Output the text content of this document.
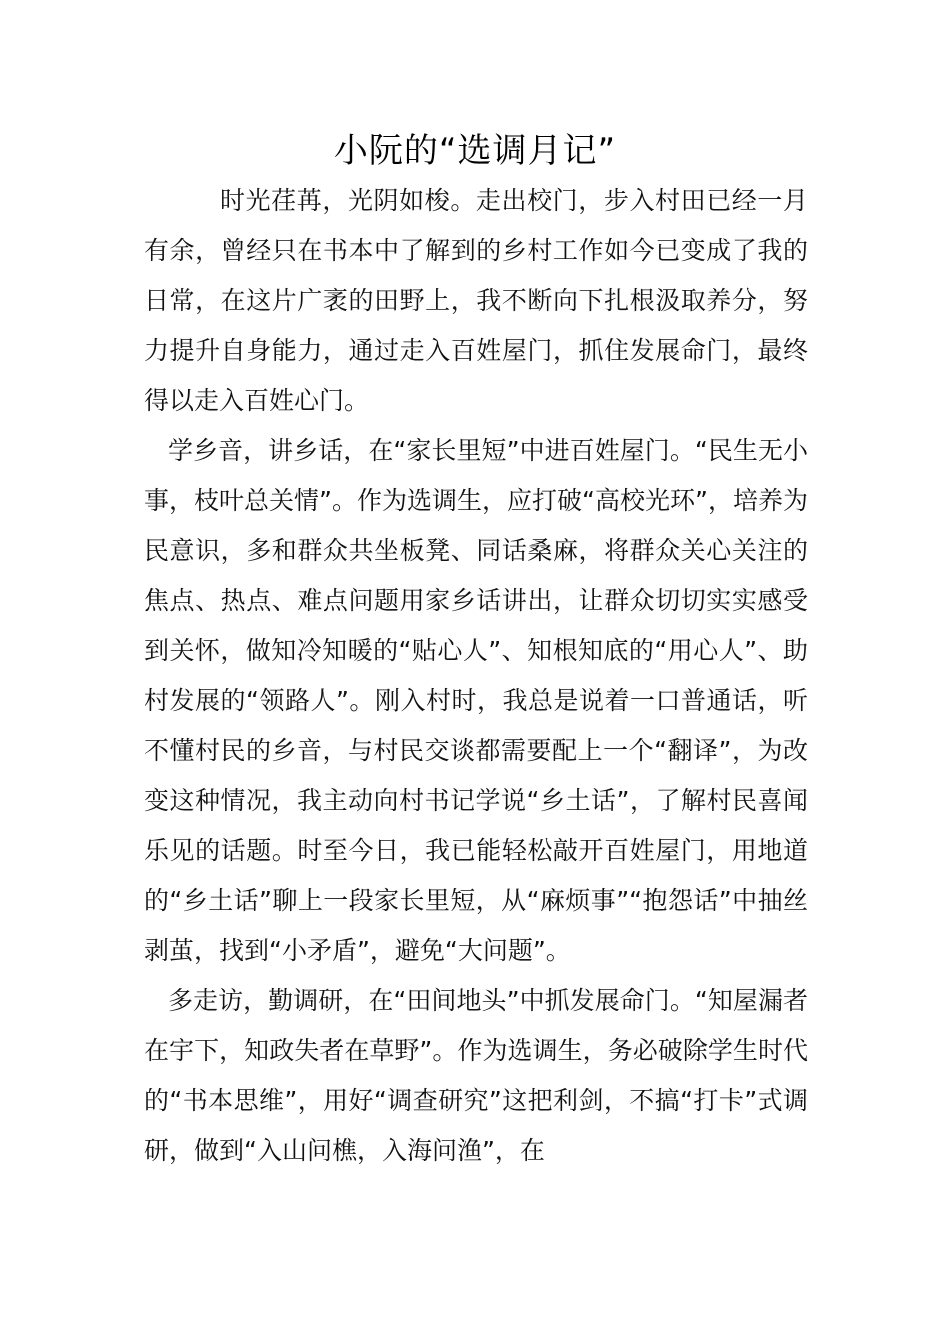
小阮的“选调月记”

时光荏苒，光阴如梭。走出校门，步入村田已经一月有余，曾经只在书本中了解到的乡村工作如今已变成了我的日常，在这片广袤的田野上，我不断向下扎根汲取养分，努力提升自身能力，通过走入百姓屋门，抓住发展命门，最终得以走入百姓心门。

学乡音，讲乡话，在“家长里短”中进百姓屋门。“民生无小事，枝叶总关情”。作为选调生，应打破“高校光环”，培养为民意识，多和群众共坐板凳、同话桑麻，将群众关心关注的焦点、热点、难点问题用家乡话讲出，让群众切切实实感受到关怀，做知冷知暖的“贴心人”、知根知底的“用心人”、助村发展的“领路人”。刚入村时，我总是说着一口普通话，听不懂村民的乡音，与村民交谈都需要配上一个“翻译”，为改变这种情况，我主动向村书记学说“乡土话”，了解村民喜闻乐见的话题。时至今日，我已能轻松敲开百姓屋门，用地道的“乡土话”聊上一段家长里短，从“麻烦事”“抱怨话”中抽丝剥茧，找到“小矛盾”，避免“大问题”。

多走访，勤调研，在“田间地头”中抓发展命门。“知屋漏者在宇下，知政失者在草野”。作为选调生，务必破除学生时代的“书本思维”，用好“调查研究”这把利剑，不搞“打卡”式调研，做到“入山问樵，入海问渔”，在
